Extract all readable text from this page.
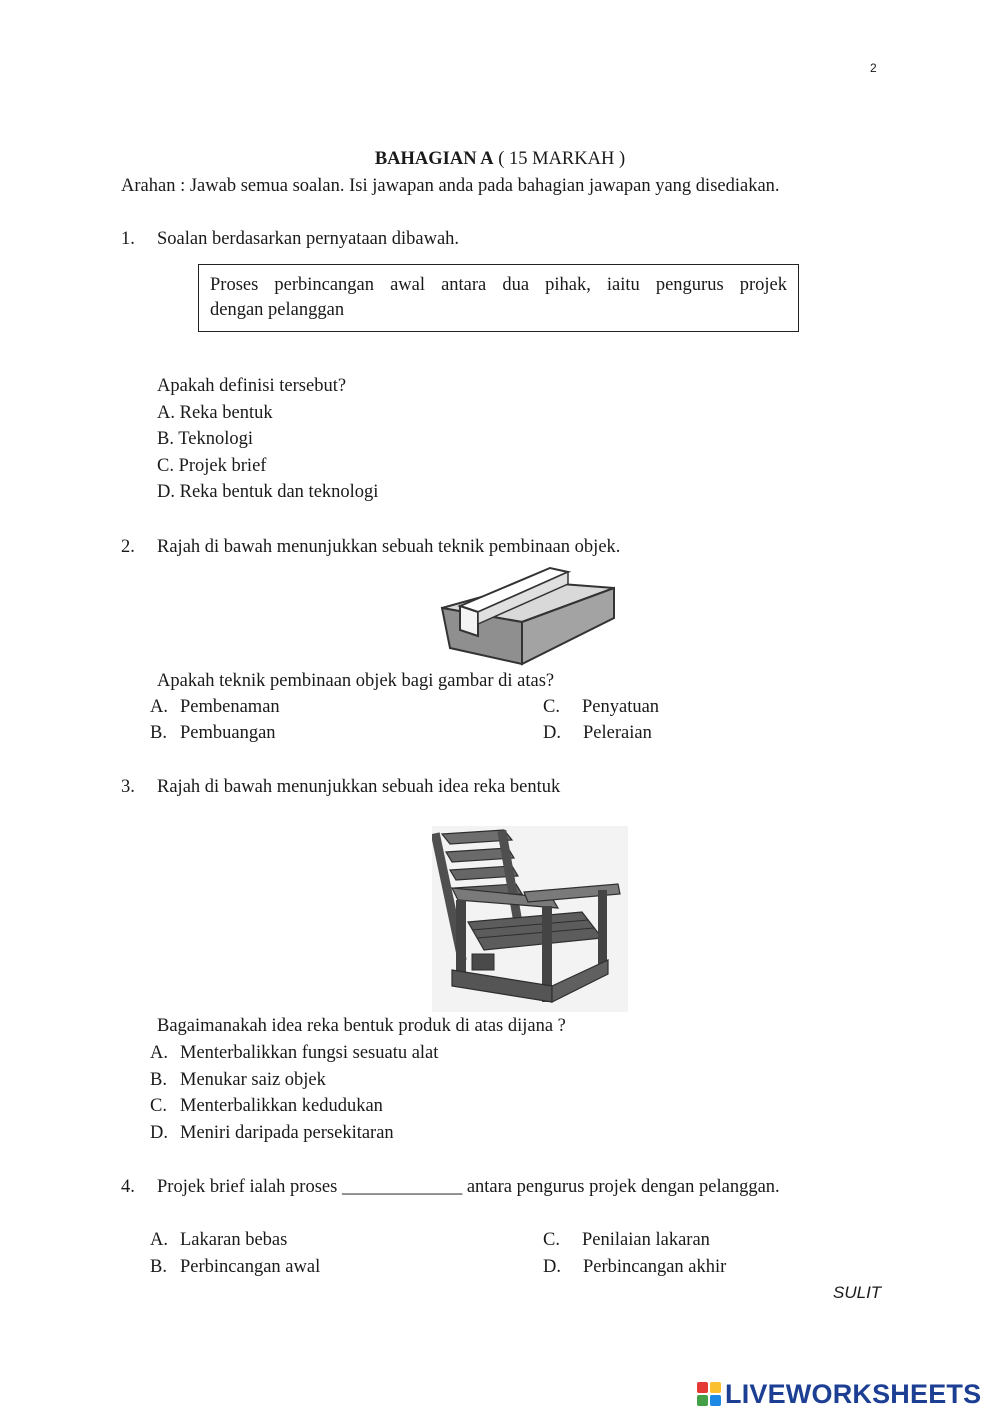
2
BAHAGIAN A ( 15 MARKAH )
Arahan : Jawab semua soalan. Isi jawapan anda pada bahagian jawapan yang disediakan.
1. Soalan berdasarkan pernyataan dibawah.
Proses perbincangan awal antara dua pihak, iaitu pengurus projek
dengan pelanggan
Apakah definisi tersebut?
A. Reka bentuk
B. Teknologi
C. Projek brief
D. Reka bentuk dan teknologi
2. Rajah di bawah menunjukkan sebuah teknik pembinaan objek.
Apakah teknik pembinaan objek bagi gambar di atas?
A. Pembenaman
B. Pembuangan
C. Penyatuan
D. Peleraian
3. Rajah di bawah menunjukkan sebuah idea reka bentuk
Bagaimanakah idea reka bentuk produk di atas dijana ?
A. Menterbalikkan fungsi sesuatu alat
B. Menukar saiz objek
C. Menterbalikkan kedudukan
D. Meniri daripada persekitaran
4. Projek brief ialah proses _____________ antara pengurus projek dengan pelanggan.
A. Lakaran bebas
B. Perbincangan awal
C. Penilaian lakaran
D. Perbincangan akhir
SULIT
LIVEWORKSHEETS
